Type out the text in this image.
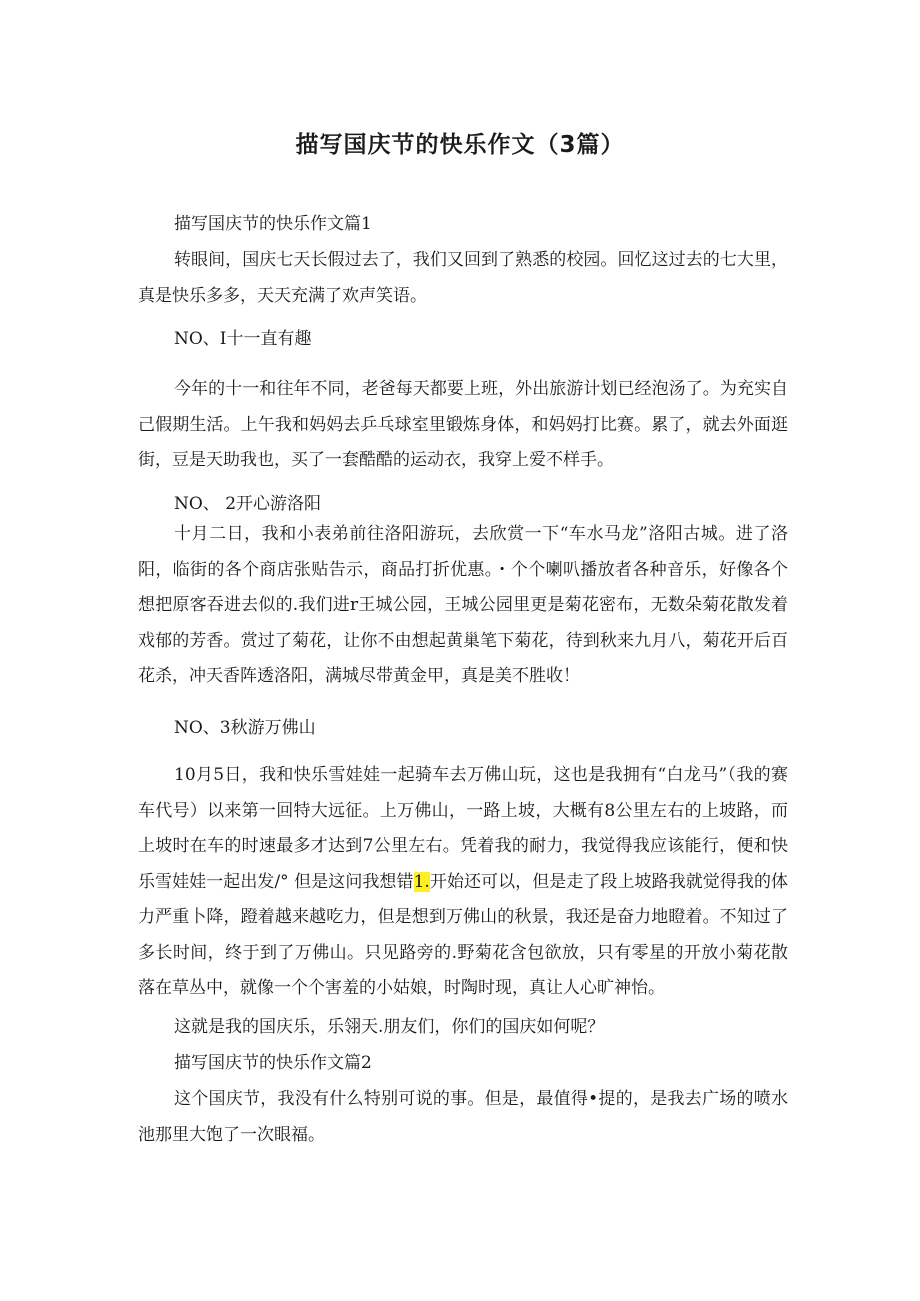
描写国庆节的快乐作文（3篇）
描写国庆节的快乐作文篇1
转眼间，国庆七天长假过去了，我们又回到了熟悉的校园。回忆这过去的七大里，真是快乐多多，天天充满了欢声笑语。
NO、I十一直有趣
今年的十一和往年不同，老爸每天都要上班，外出旅游计划已经泡汤了。为充实自己假期生活。上午我和妈妈去乒乓球室里锻炼身体，和妈妈打比赛。累了，就去外面逛街，豆是天助我也，买了一套酷酷的运动衣，我穿上爱不样手。
NO、 2开心游洛阳
十月二日，我和小表弟前往洛阳游玩，去欣赏一下“车水马龙”洛阳古城。进了洛阳，临街的各个商店张贴告示，商品打折优惠。・个个喇叭播放者各种音乐，好像各个想把原客吞进去似的.我们进r王城公园，王城公园里更是菊花密布，无数朵菊花散发着戏郁的芳香。赏过了菊花，让你不由想起黄巢笔下菊花，待到秋来九月八，菊花开后百花杀，冲天香阵透洛阳，满城尽带黄金甲，真是美不胜收！
NO、3秋游万佛山
10月5日，我和快乐雪娃娃一起骑车去万佛山玩，这也是我拥有“白龙马”（我的赛车代号）以来第一回特大远征。上万佛山，一路上坡，大概有8公里左右的上坡路，而上坡时在车的时速最多才达到7公里左右。凭着我的耐力，我觉得我应该能行，便和快乐雪娃娃一起出发/° 但是这问我想错1.开始还可以，但是走了段上坡路我就觉得我的体力严重卜降，蹬着越来越吃力，但是想到万佛山的秋景，我还是奋力地瞪着。不知过了多长时间，终于到了万佛山。只见路旁的.野菊花含包欲放，只有零星的开放小菊花散落在草丛中，就像一个个害羞的小姑娘，时陶时现，真让人心旷神怡。
这就是我的国庆乐，乐翎天.朋友们，你们的国庆如何呢？
描写国庆节的快乐作文篇2
这个国庆节，我没有什么特别可说的事。但是，最值得•提的，是我去广场的喷水池那里大饱了一次眼福。
